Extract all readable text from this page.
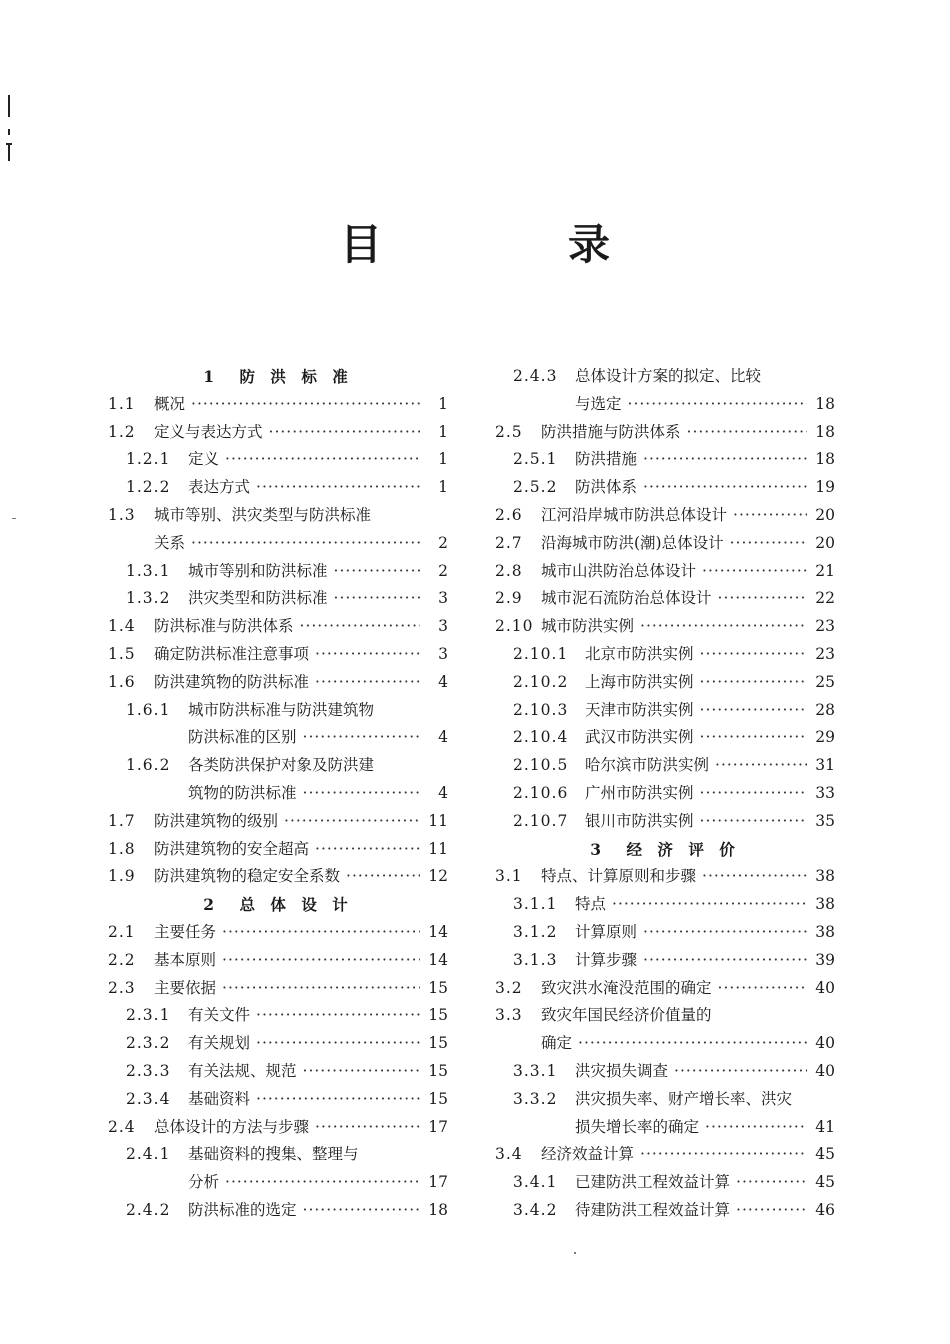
目　录
1　防 洪 标 准
1.1	概况 ·····	1
1.2	定义与表达方式 ·····	1
1.2.1	定义 ·····	1
1.2.2	表达方式 ·····	1
1.3	城市等别、洪灾类型与防洪标准
关系 ·····	2
1.3.1	城市等别和防洪标准 ·····	2
1.3.2	洪灾类型和防洪标准 ·····	3
1.4	防洪标准与防洪体系 ·····	3
1.5	确定防洪标准注意事项 ·····	3
1.6	防洪建筑物的防洪标准 ·····	4
1.6.1	城市防洪标准与防洪建筑物
防洪标准的区别 ·····	4
1.6.2	各类防洪保护对象及防洪建
筑物的防洪标准 ·····	4
1.7	防洪建筑物的级别 ·····	11
1.8	防洪建筑物的安全超高 ·····	11
1.9	防洪建筑物的稳定安全系数 ·····	12
2　总 体 设 计
2.1	主要任务 ·····	14
2.2	基本原则 ·····	14
2.3	主要依据 ·····	15
2.3.1	有关文件 ·····	15
2.3.2	有关规划 ·····	15
2.3.3	有关法规、规范 ·····	15
2.3.4	基础资料 ·····	15
2.4	总体设计的方法与步骤 ·····	17
2.4.1	基础资料的搜集、整理与
分析 ·····	17
2.4.2	防洪标准的选定 ·····	18
2.4.3	总体设计方案的拟定、比较
与选定 ·····	18
2.5	防洪措施与防洪体系 ·····	18
2.5.1	防洪措施 ·····	18
2.5.2	防洪体系 ·····	19
2.6	江河沿岸城市防洪总体设计 ·····	20
2.7	沿海城市防洪(潮)总体设计 ·····	20
2.8	城市山洪防治总体设计 ·····	21
2.9	城市泥石流防治总体设计 ·····	22
2.10 城市防洪实例 ·····	23
2.10.1	北京市防洪实例 ·····	23
2.10.2	上海市防洪实例 ·····	25
2.10.3	天津市防洪实例 ·····	28
2.10.4	武汉市防洪实例 ·····	29
2.10.5	哈尔滨市防洪实例 ·····	31
2.10.6	广州市防洪实例 ·····	33
2.10.7	银川市防洪实例 ·····	35
3　经 济 评 价
3.1	特点、计算原则和步骤 ·····	38
3.1.1	特点 ·····	38
3.1.2	计算原则 ·····	38
3.1.3	计算步骤 ·····	39
3.2	致灾洪水淹没范围的确定 ·····	40
3.3	致灾年国民经济价值量的
确定 ·····	40
3.3.1	洪灾损失调查 ·····	40
3.3.2	洪灾损失率、财产增长率、洪灾
损失增长率的确定 ·····	41
3.4	经济效益计算 ·····	45
3.4.1	已建防洪工程效益计算 ·····	45
3.4.2	待建防洪工程效益计算 ·····	46
